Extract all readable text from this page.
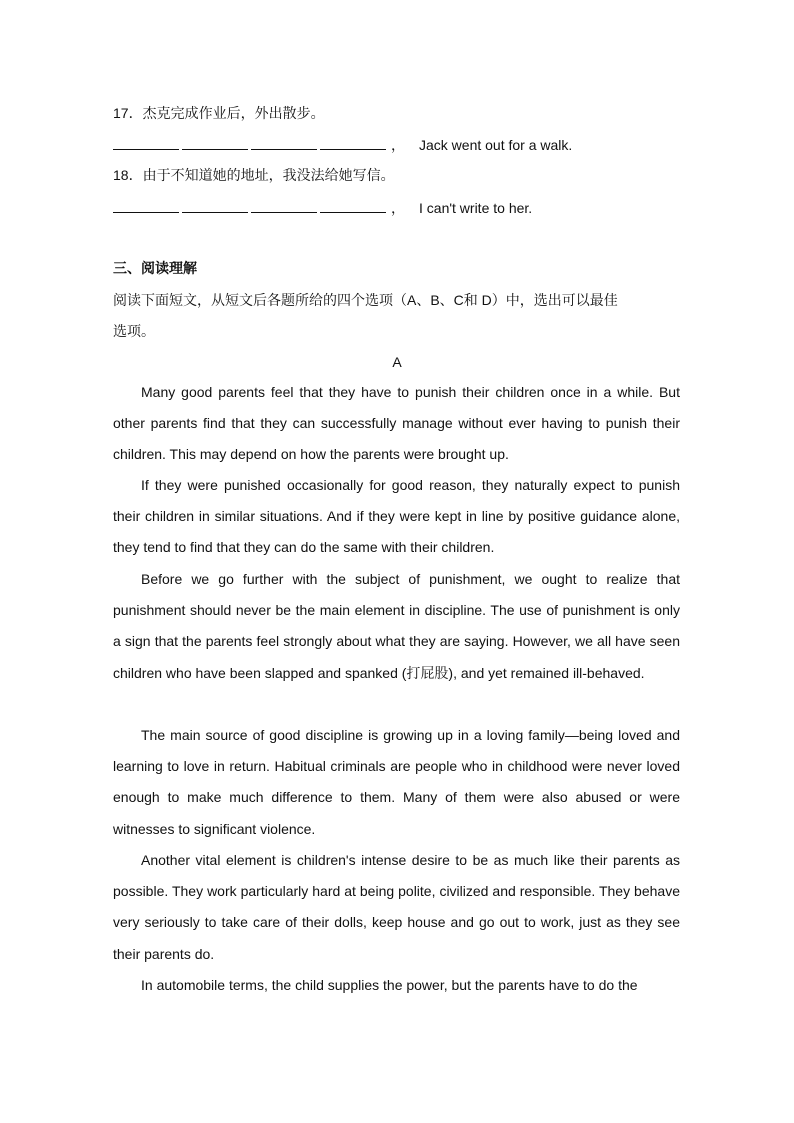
17．杰克完成作业后，外出散步。
， Jack went out for a walk.
18．由于不知道她的地址，我没法给她写信。
， I can't write to her.
三、阅读理解
阅读下面短文，从短文后各题所给的四个选项（A、B、C和 D）中，选出可以最佳
选项。
A

Many good parents feel that they have to punish their children once in a while. But other parents find that they can successfully manage without ever having to punish their children. This may depend on how the parents were brought up.

If they were punished occasionally for good reason, they naturally expect to punish their children in similar situations. And if they were kept in line by positive guidance alone, they tend to find that they can do the same with their children.

Before we go further with the subject of punishment, we ought to realize that punishment should never be the main element in discipline. The use of punishment is only a sign that the parents feel strongly about what they are saying. However, we all have seen children who have been slapped and spanked (打屁股), and yet remained ill-behaved.

The main source of good discipline is growing up in a loving family—being loved and learning to love in return. Habitual criminals are people who in childhood were never loved enough to make much difference to them. Many of them were also abused or were witnesses to significant violence.

Another vital element is children's intense desire to be as much like their parents as possible. They work particularly hard at being polite, civilized and responsible. They behave very seriously to take care of their dolls, keep house and go out to work, just as they see their parents do.

In automobile terms, the child supplies the power, but the parents have to do the
